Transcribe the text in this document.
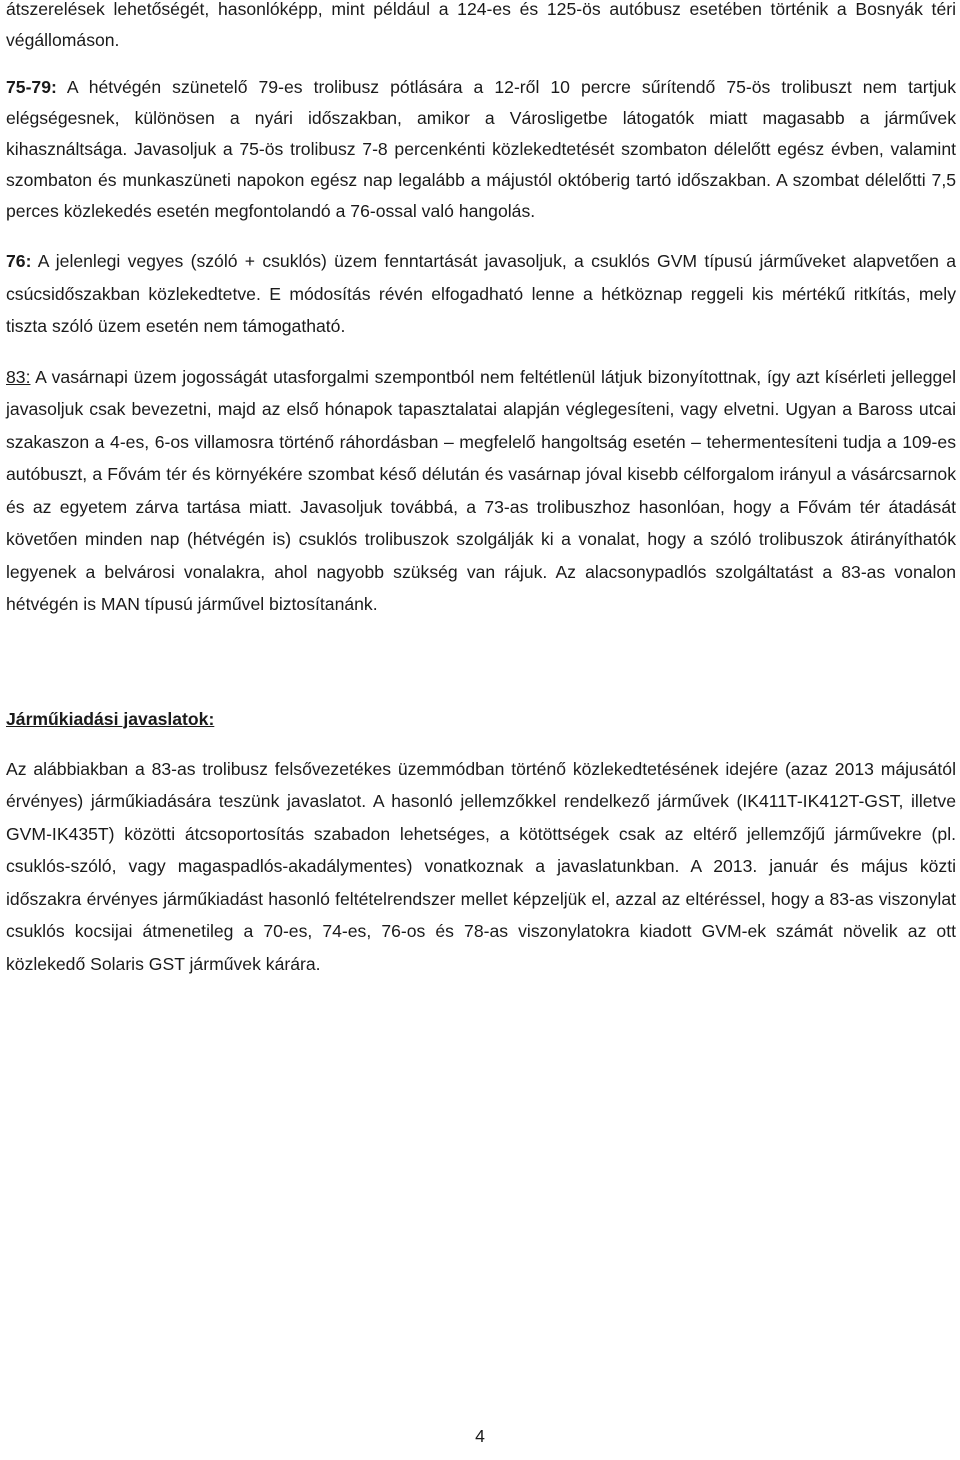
átszerelések lehetőségét, hasonlóképp, mint például a 124-es és 125-ös autóbusz esetében történik a Bosnyák téri végállomáson.

75-79: A hétvégén szünetelő 79-es trolibusz pótlására a 12-ről 10 percre sűrítendő 75-ös trolibuszt nem tartjuk elégségesnek, különösen a nyári időszakban, amikor a Városligetbe látogatók miatt magasabb a járművek kihasználtsága. Javasoljuk a 75-ös trolibusz 7-8 percenkénti közlekedtetését szombaton délelőtt egész évben, valamint szombaton és munkaszüneti napokon egész nap legalább a májustól októberig tartó időszakban. A szombat délelőtti 7,5 perces közlekedés esetén megfontolandó a 76-ossal való hangolás.

76: A jelenlegi vegyes (szóló + csuklós) üzem fenntartását javasoljuk, a csuklós GVM típusú járműveket alapvetően a csúcsidőszakban közlekedtetve. E módosítás révén elfogadható lenne a hétköznap reggeli kis mértékű ritkítás, mely tiszta szóló üzem esetén nem támogatható.

83: A vasárnapi üzem jogosságát utasforgalmi szempontból nem feltétlenül látjuk bizonyítottnak, így azt kísérleti jelleggel javasoljuk csak bevezetni, majd az első hónapok tapasztalatai alapján véglegesíteni, vagy elvetni. Ugyan a Baross utcai szakaszon a 4-es, 6-os villamosra történő ráhordásban – megfelelő hangoltság esetén – tehermentesíteni tudja a 109-es autóbuszt, a Fővám tér és környékére szombat késő délután és vasárnap jóval kisebb célforgalom irányul a vásárcsarnok és az egyetem zárva tartása miatt. Javasoljuk továbbá, a 73-as trolibuszhoz hasonlóan, hogy a Fővám tér átadását követően minden nap (hétvégén is) csuklós trolibuszok szolgálják ki a vonalat, hogy a szóló trolibuszok átirányíthatók legyenek a belvárosi vonalakra, ahol nagyobb szükség van rájuk. Az alacsonypadlós szolgáltatást a 83-as vonalon hétvégén is MAN típusú járművel biztosítanánk.

Járműkiadási javaslatok:

Az alábbiakban a 83-as trolibusz felsővezetékes üzemmódban történő közlekedtetésének idejére (azaz 2013 májusától érvényes) járműkiadására teszünk javaslatot. A hasonló jellemzőkkel rendelkező járművek (IK411T-IK412T-GST, illetve GVM-IK435T) közötti átcsoportosítás szabadon lehetséges, a kötöttségek csak az eltérő jellemzőjű járművekre (pl. csuklós-szóló, vagy magaspadlós-akadálymentes) vonatkoznak a javaslatunkban. A 2013. január és május közti időszakra érvényes járműkiadást hasonló feltételrendszer mellet képzeljük el, azzal az eltéréssel, hogy a 83-as viszonylat csuklós kocsijai átmenetileg a 70-es, 74-es, 76-os és 78-as viszonylatokra kiadott GVM-ek számát növelik az ott közlekedő Solaris GST járművek kárára.

4
